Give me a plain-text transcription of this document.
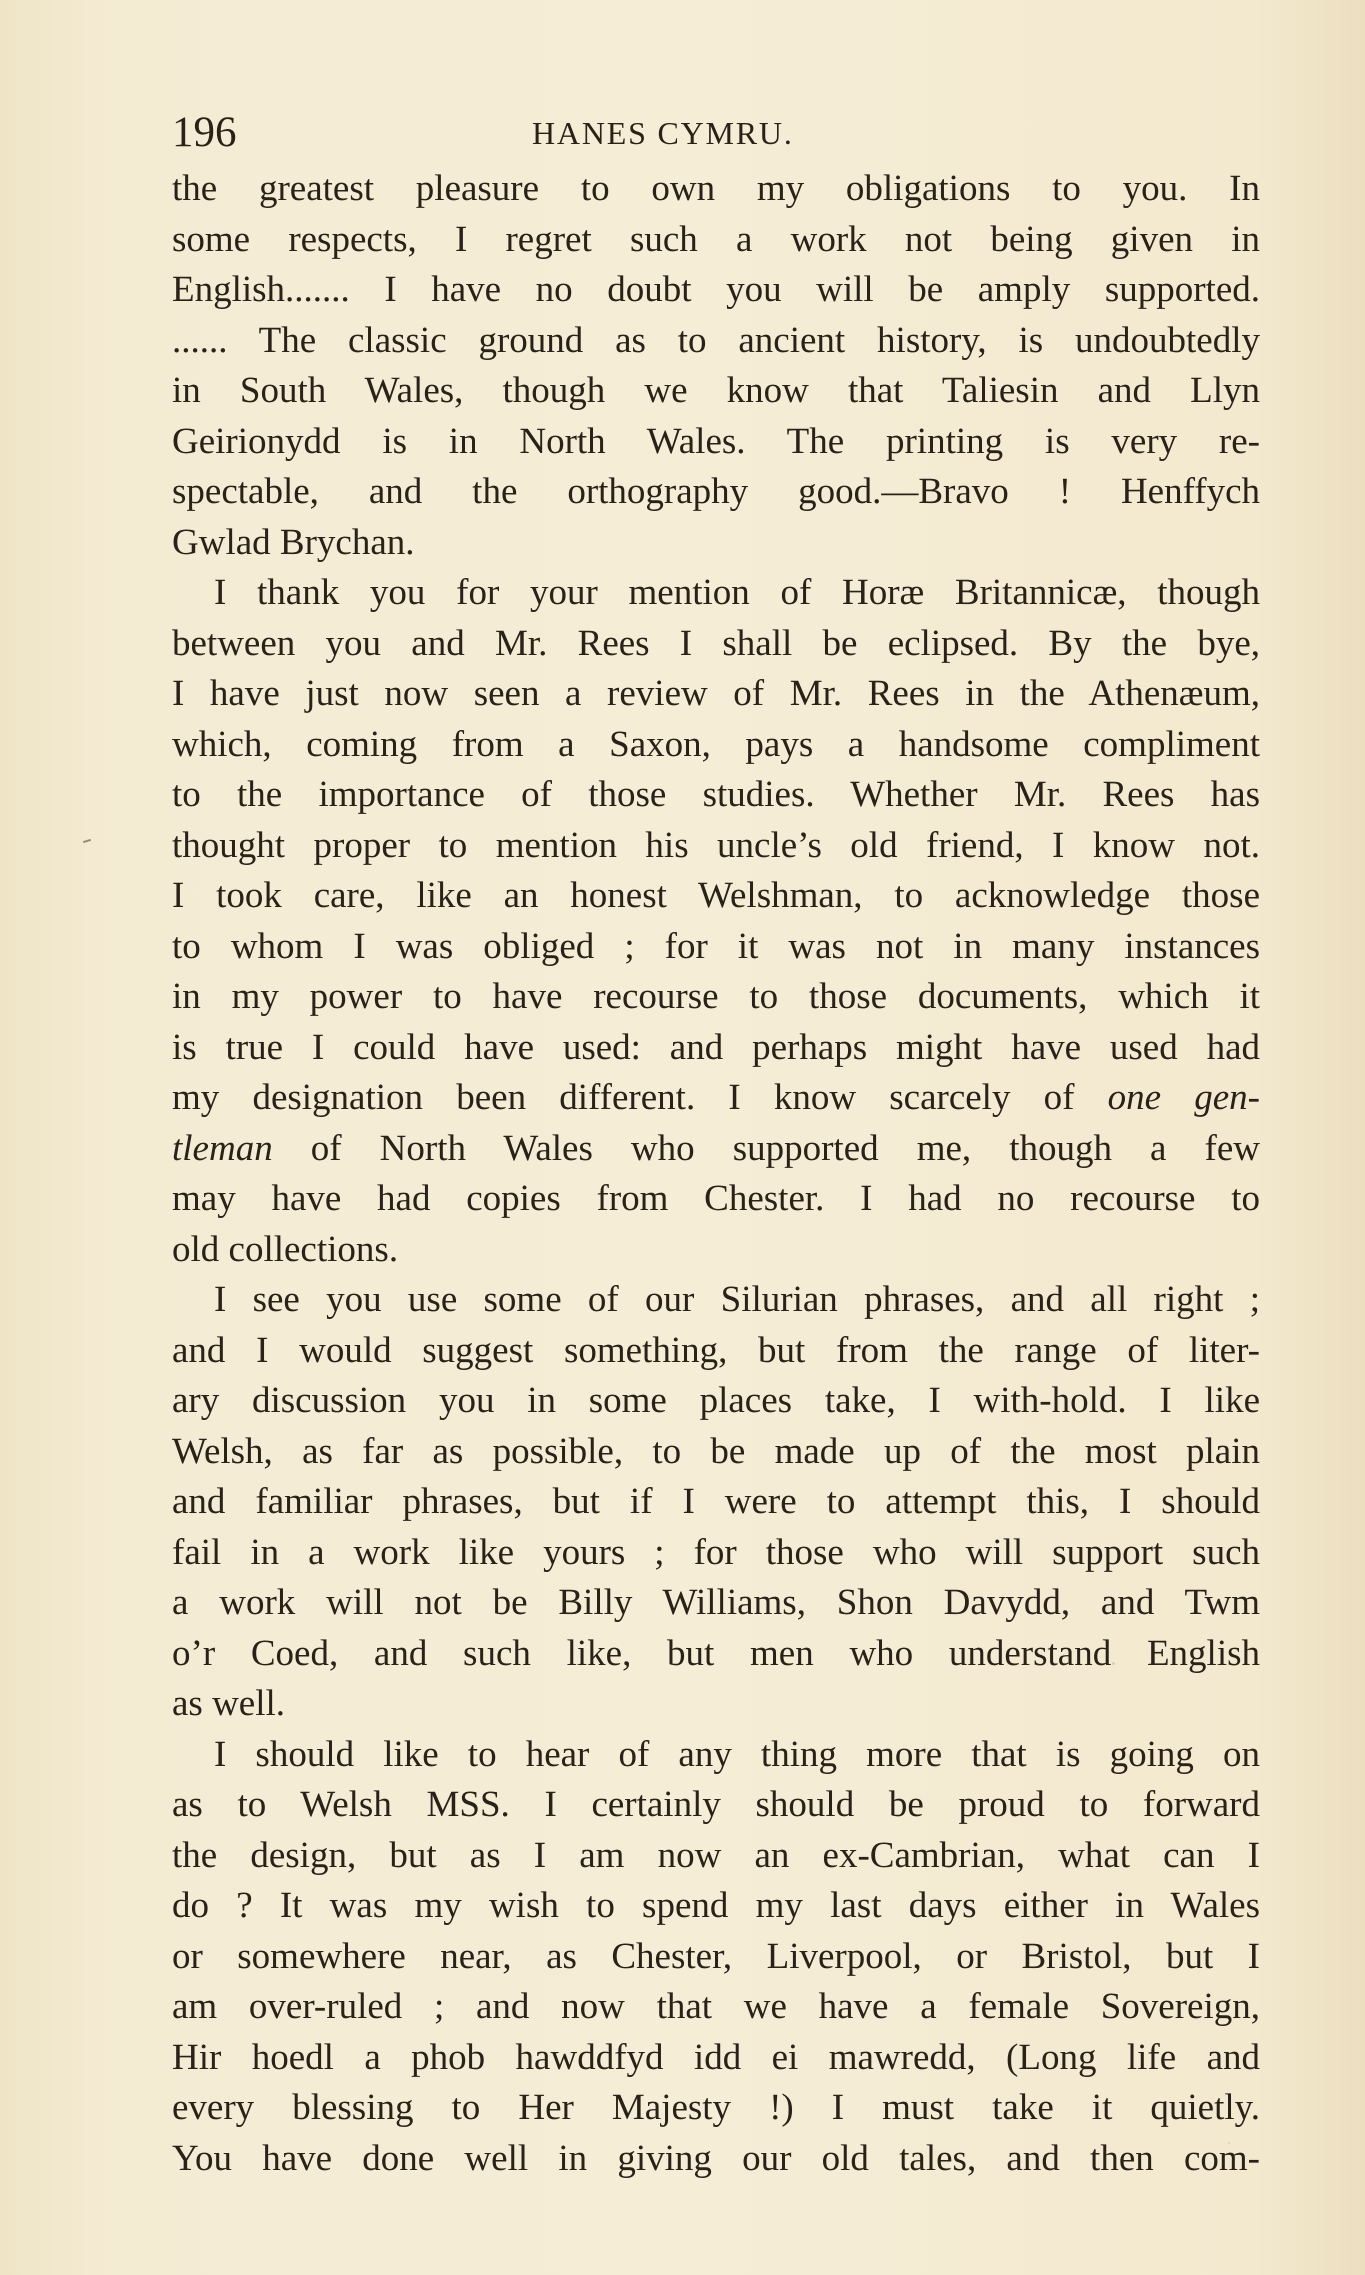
196	HANES CYMRU.
the greatest pleasure to own my obligations to you. In
some respects, I regret such a work not being given in
English....... I have no doubt you will be amply supported.
...... The classic ground as to ancient history, is undoubtedly
in South Wales, though we know that Taliesin and Llyn
Geirionydd is in North Wales. The printing is very re-
spectable, and the orthography good.—Bravo ! Henffych
Gwlad Brychan.
I thank you for your mention of Horæ Britannicæ, though
between you and Mr. Rees I shall be eclipsed. By the bye,
I have just now seen a review of Mr. Rees in the Athenæum,
which, coming from a Saxon, pays a handsome compliment
to the importance of those studies. Whether Mr. Rees has
thought proper to mention his uncle’s old friend, I know not.
I took care, like an honest Welshman, to acknowledge those
to whom I was obliged ; for it was not in many instances
in my power to have recourse to those documents, which it
is true I could have used: and perhaps might have used had
my designation been different. I know scarcely of one gen-
tleman of North Wales who supported me, though a few
may have had copies from Chester. I had no recourse to
old collections.
I see you use some of our Silurian phrases, and all right ;
and I would suggest something, but from the range of liter-
ary discussion you in some places take, I with-hold. I like
Welsh, as far as possible, to be made up of the most plain
and familiar phrases, but if I were to attempt this, I should
fail in a work like yours ; for those who will support such
a work will not be Billy Williams, Shon Davydd, and Twm
o’r Coed, and such like, but men who understand English
as well.
I should like to hear of any thing more that is going on
as to Welsh MSS. I certainly should be proud to forward
the design, but as I am now an ex-Cambrian, what can I
do ? It was my wish to spend my last days either in Wales
or somewhere near, as Chester, Liverpool, or Bristol, but I
am over-ruled ; and now that we have a female Sovereign,
Hir hoedl a phob hawddfyd idd ei mawredd, (Long life and
every blessing to Her Majesty !) I must take it quietly.
You have done well in giving our old tales, and then com-
